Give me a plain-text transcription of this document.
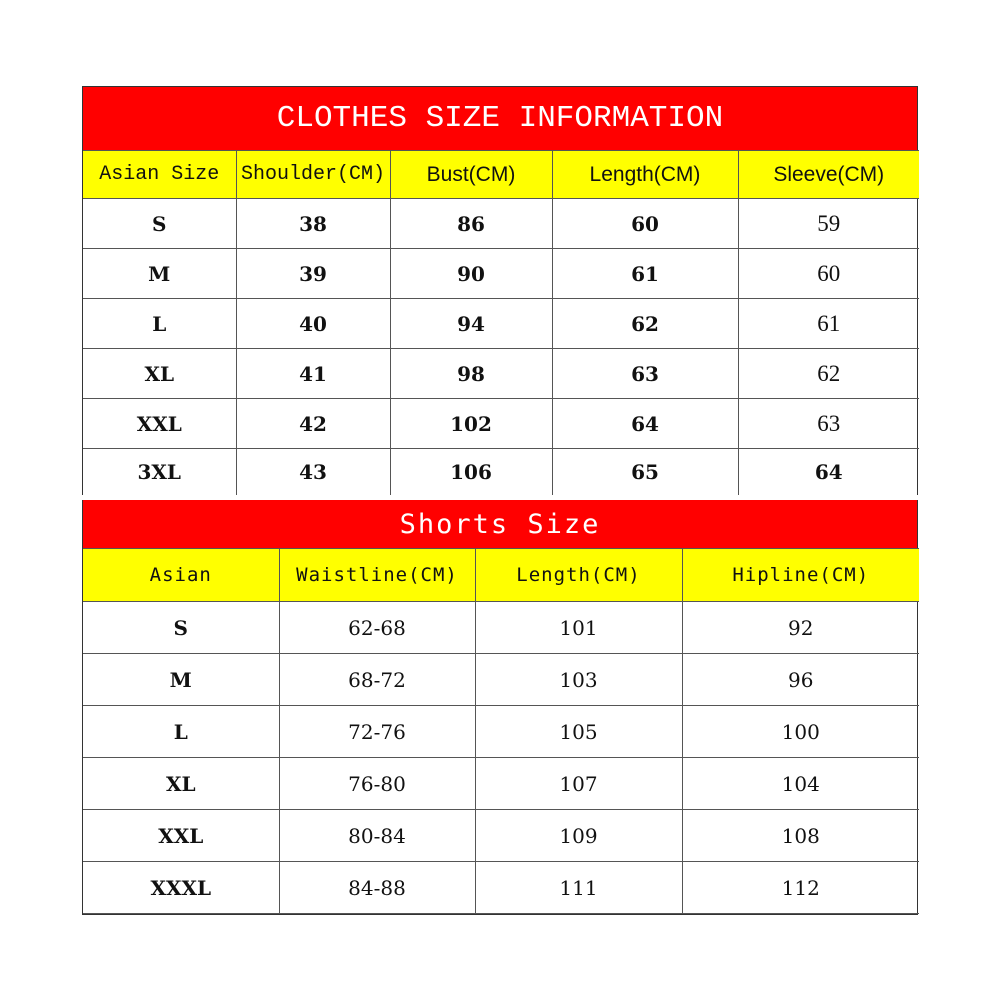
CLOTHES SIZE INFORMATION
Asian Size	Shoulder(CM)	Bust(CM)	Length(CM)	Sleeve(CM)
S	38	86	60	59
M	39	90	61	60
L	40	94	62	61
XL	41	98	63	62
XXL	42	102	64	63
3XL	43	106	65	64
Shorts Size
Asian	Waistline(CM)	Length(CM)	Hipline(CM)
S	62-68	101	92
M	68-72	103	96
L	72-76	105	100
XL	76-80	107	104
XXL	80-84	109	108
XXXL	84-88	111	112
